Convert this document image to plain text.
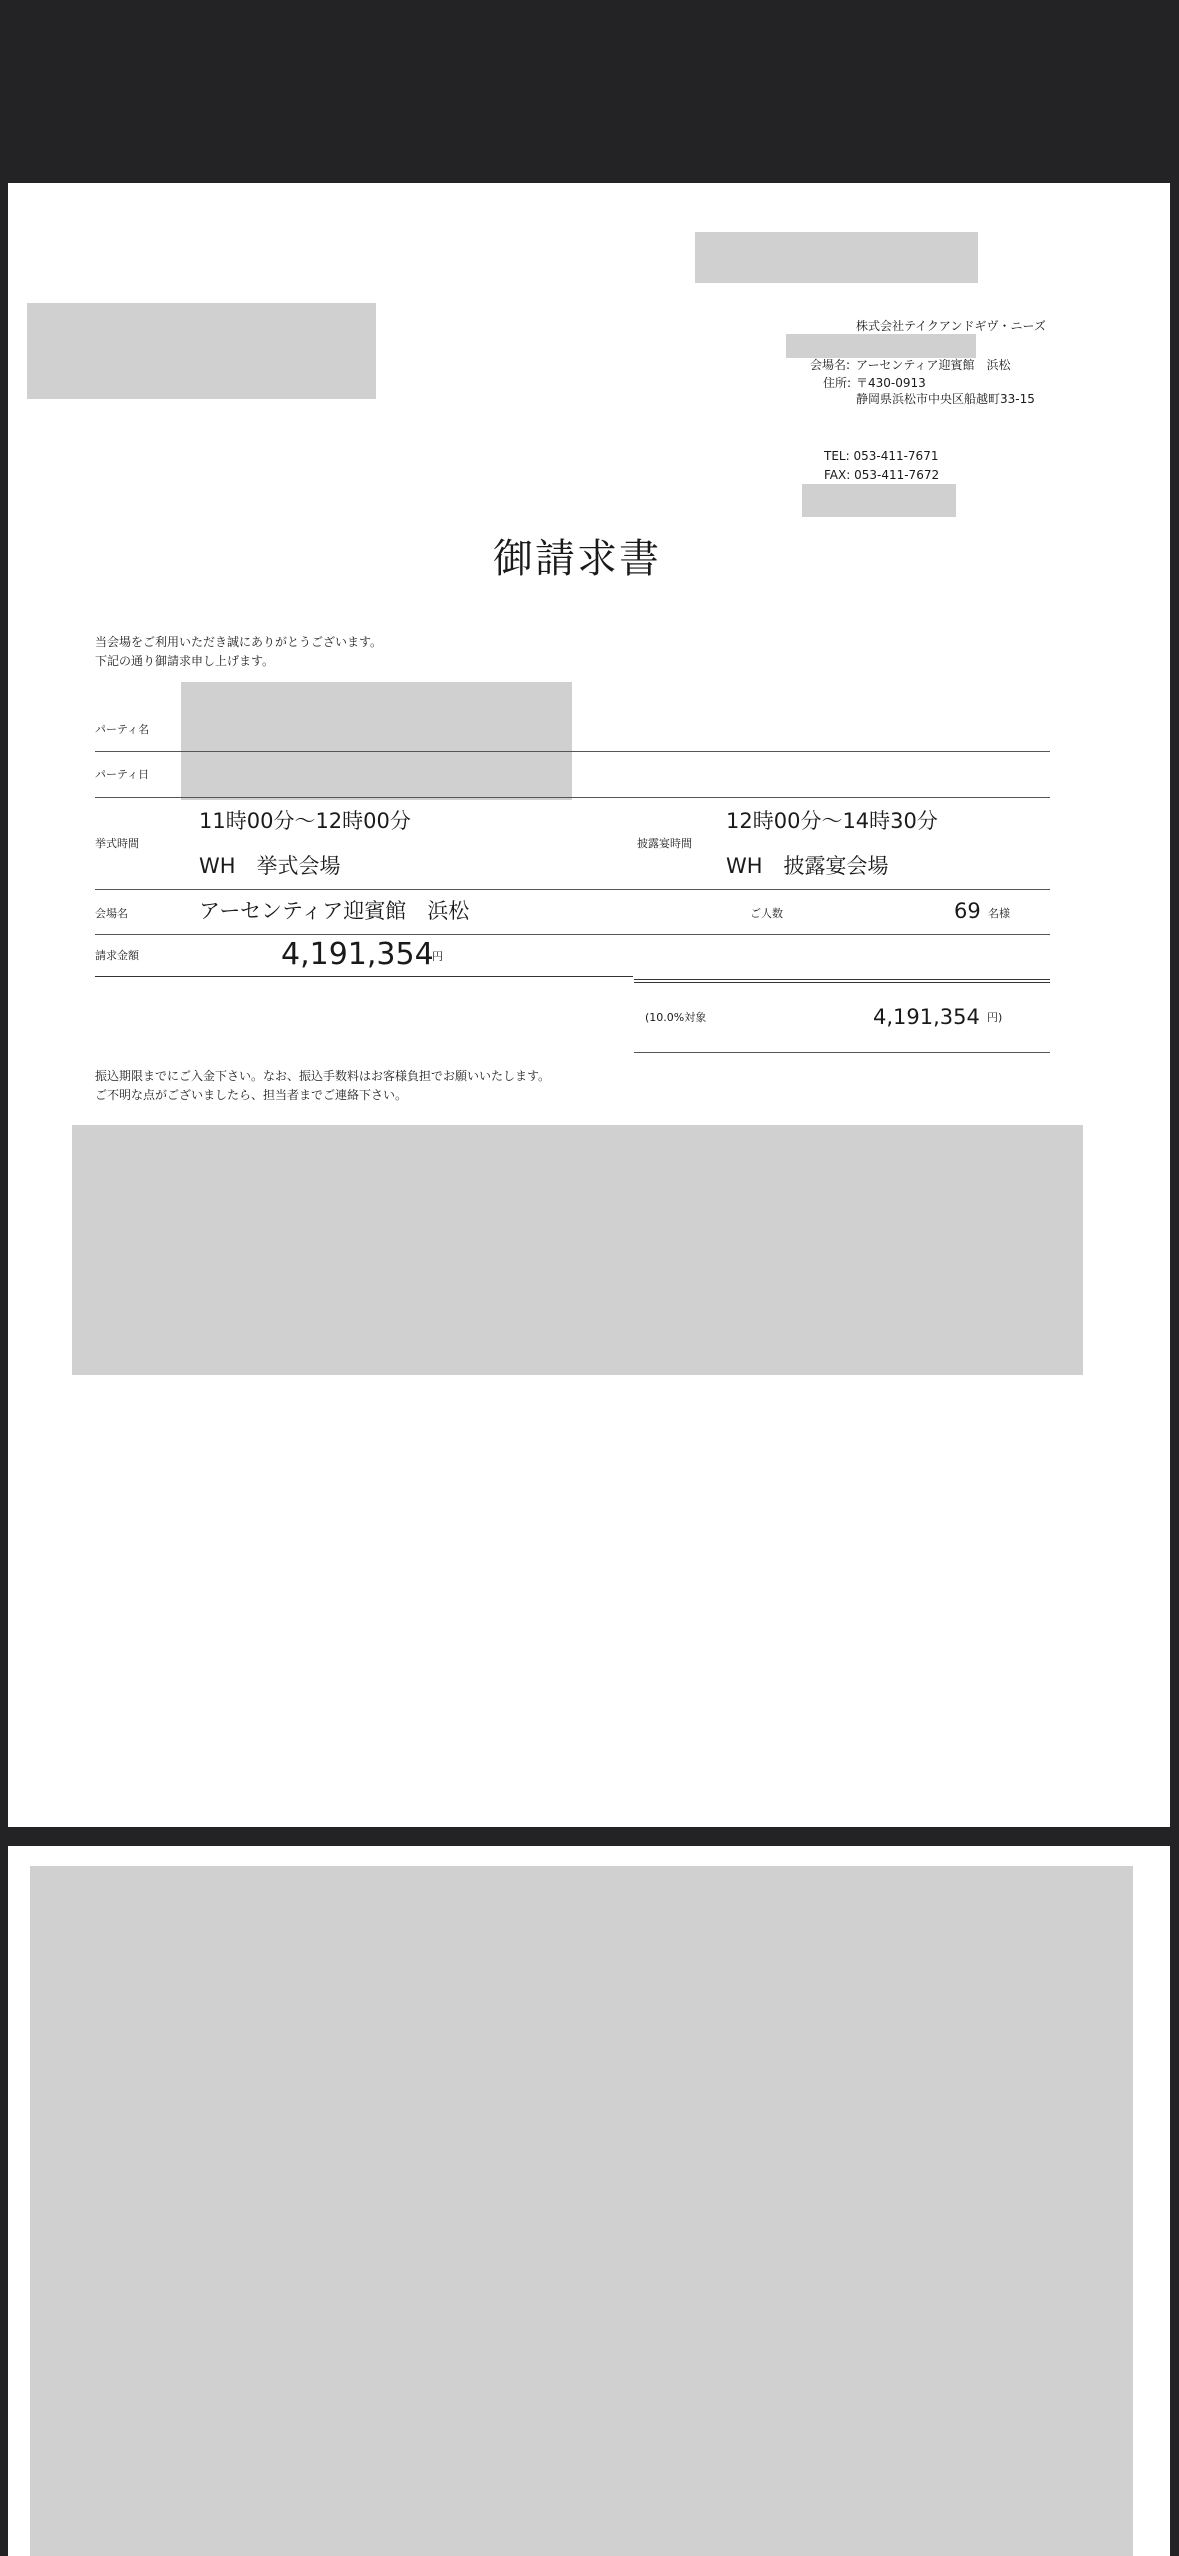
株式会社テイクアンドギヴ・ニーズ
会場名: アーセンティア迎賓館　浜松
住所: 〒430-0913
静岡県浜松市中央区船越町33-15
TEL: 053-411-7671
FAX: 053-411-7672
御請求書
当会場をご利用いただき誠にありがとうございます。
下記の通り御請求申し上げます。
パーティ名
パーティ日
挙式時間
11時00分～12時00分
WH　挙式会場
披露宴時間
12時00分～14時30分
WH　披露宴会場
会場名	アーセンティア迎賓館　浜松	ご人数	69 名様
請求金額	4,191,354
円
(10.0%対象	4,191,354 円)
振込期限までにご入金下さい。なお、振込手数料はお客様負担でお願いいたします。
ご不明な点がございましたら、担当者までご連絡下さい。
